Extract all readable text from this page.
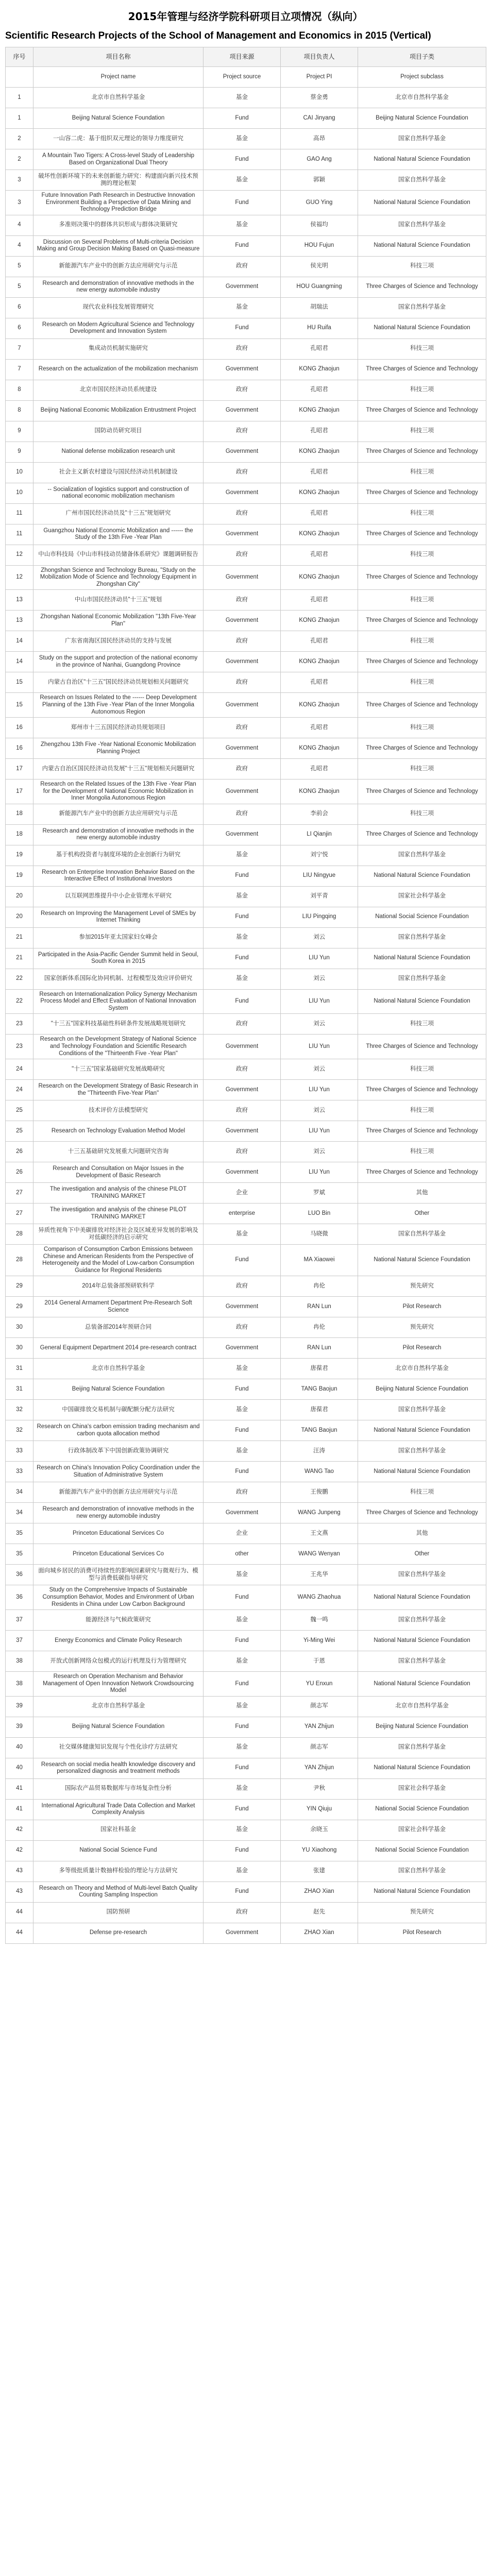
2015年管理与经济学院科研项目立项情况（纵向）
Scientific Research Projects of the School of Management and Economics in 2015 (Vertical)
序号	项目名称	项目来源	项目负责人	项目子类
	Project name	Project source	Project PI	Project subclass
1	北京市自然科学基金	基金	蔡金勇	北京市自然科学基金
1	Beijing Natural Science Foundation	Fund	CAI Jinyang	Beijing Natural Science Foundation
2	一山容二虎：基于组织双元理论的领导力维度研究	基金	高昂	国家自然科学基金
2	A Mountain Two Tigers: A Cross-level Study of Leadership Based on Organizational Dual Theory	Fund	GAO Ang	National Natural Science Foundation
3	破坏性创新环境下的未来创新能力研究：构建面向新兴技术预测的理论框架	基金	郭颖	国家自然科学基金
3	Future Innovation Path Research in Destructive Innovation Environment Building a Perspective of Data Mining and Technology Prediction Bridge	Fund	GUO Ying	National Natural Science Foundation
4	多准则决策中的群体共识形成与群体决策研究	基金	侯福均	国家自然科学基金
4	Discussion on Several Problems of Multi-criteria Decision Making and Group Decision Making Based on Quasi-measure	Fund	HOU Fujun	National Natural Science Foundation
5	新能源汽车产业中的创新方法应用研究与示范	政府	侯光明	科技三项
5	Research and demonstration of innovative methods in the new energy automobile industry	Government	HOU Guangming	Three Charges of Science and Technology
6	现代农业科技发展管理研究	基金	胡瑞法	国家自然科学基金
6	Research on Modern Agricultural Science and Technology Development and Innovation System	Fund	HU Ruifa	National Natural Science Foundation
7	集成动员机制实施研究	政府	孔昭君	科技三项
7	Research on the actualization of the mobilization mechanism	Government	KONG Zhaojun	Three Charges of Science and Technology
8	北京市国民经济动员系统建设	政府	孔昭君	科技三项
8	Beijing National Economic Mobilization Entrustment Project	Government	KONG Zhaojun	Three Charges of Science and Technology
9	国防动员研究项目	政府	孔昭君	科技三项
9	National defense mobilization research unit	Government	KONG Zhaojun	Three Charges of Science and Technology
10	社会主义新农村建设与国民经济动员机制建设	政府	孔昭君	科技三项
10	-- Socialization of logistics support and construction of national economic mobilization mechanism	Government	KONG Zhaojun	Three Charges of Science and Technology
11	广州市国民经济动员及"十三五"规划研究	政府	孔昭君	科技三项
11	Guangzhou National Economic Mobilization and ------ the Study of the 13th Five -Year Plan	Government	KONG Zhaojun	Three Charges of Science and Technology
12	中山市科技局《中山市科技动员储备体系研究》课题调研报告	政府	孔昭君	科技三项
12	Zhongshan Science and Technology Bureau, "Study on the Mobilization Mode of Science and Technology Equipment in Zhongshan City"	Government	KONG Zhaojun	Three Charges of Science and Technology
13	中山市国民经济动员"十三五"规划	政府	孔昭君	科技三项
13	Zhongshan National Economic Mobilization "13th Five-Year Plan"	Government	KONG Zhaojun	Three Charges of Science and Technology
14	广东省南海区国民经济动员的支持与发展	政府	孔昭君	科技三项
14	Study on the support and protection of the national economy in the province of Nanhai, Guangdong Province	Government	KONG Zhaojun	Three Charges of Science and Technology
15	内蒙古自治区"十三五"国民经济动员规划相关问题研究	政府	孔昭君	科技三项
15	Research on Issues Related to the ------ Deep Development Planning of the 13th Five -Year Plan of the Inner Mongolia Autonomous Region	Government	KONG Zhaojun	Three Charges of Science and Technology
16	郑州市十三五国民经济动员规划项目	政府	孔昭君	科技三项
16	Zhengzhou 13th Five -Year National Economic Mobilization Planning Project	Government	KONG Zhaojun	Three Charges of Science and Technology
17	内蒙古自治区国民经济动员发展"十三五"规划相关问题研究	政府	孔昭君	科技三项
17	Research on the Related Issues of the 13th Five -Year Plan for the Development of National Economic Mobilization in Inner Mongolia Autonomous Region	Government	KONG Zhaojun	Three Charges of Science and Technology
18	新能源汽车产业中的创新方法应用研究与示范	政府	李前会	科技三项
18	Research and demonstration of innovative methods in the new energy automobile industry	Government	LI Qianjin	Three Charges of Science and Technology
19	基于机构投资者与制度环境的企业创新行为研究	基金	刘宁悦	国家自然科学基金
19	Research on Enterprise Innovation Behavior Based on the Interactive Effect of Institutional Investors	Fund	LIU Ningyue	National Natural Science Foundation
20	以互联网思维提升中小企业管理水平研究	基金	刘平青	国家社会科学基金
20	Research on Improving the Management Level of SMEs by Internet Thinking	Fund	LIU Pingqing	National Social Science Foundation
21	参加2015年亚太国家妇女峰会	基金	刘云	国家自然科学基金
21	Participated in the Asia-Pacific Gender Summit held in Seoul, South Korea in 2015	Fund	LIU Yun	National Natural Science Foundation
22	国家创新体系国际化协同机制、过程模型及效应评价研究	基金	刘云	国家自然科学基金
22	Research on Internationalization Policy Synergy Mechanism Process Model and Effect Evaluation of National Innovation System	Fund	LIU Yun	National Natural Science Foundation
23	"十三五"国家科技基础性科研条件发展战略规划研究	政府	刘云	科技三项
23	Research on the Development Strategy of National Science and Technology Foundation and Scientific Research Conditions of the "Thirteenth Five -Year Plan"	Government	LIU Yun	Three Charges of Science and Technology
24	"十三五"国家基础研究发展战略研究	政府	刘云	科技三项
24	Research on the Development Strategy of Basic Research in the "Thirteenth Five-Year Plan"	Government	LIU Yun	Three Charges of Science and Technology
25	技术评价方法模型研究	政府	刘云	科技三项
25	Research on Technology Evaluation Method Model	Government	LIU Yun	Three Charges of Science and Technology
26	十三五基础研究发展重大问题研究咨询	政府	刘云	科技三项
26	Research and Consultation on Major Issues in the Development of Basic Research	Government	LIU Yun	Three Charges of Science and Technology
27	The investigation and analysis of the chinese PILOT TRAINING MARKET	企业	罗斌	其他
27	The investigation and analysis of the chinese PILOT TRAINING MARKET	enterprise	LUO Bin	Other
28	异质性视角下中美碳排放对经济社会及区域差异发展的影响及对低碳经济的启示研究	基金	马晓微	国家自然科学基金
28	Comparison of Consumption Carbon Emissions between Chinese and American Residents from the Perspective of Heterogeneity and the Model of Low-carbon Consumption Guidance for Regional Residents	Fund	MA Xiaowei	National Natural Science Foundation
29	2014年总装备部预研软科学	政府	冉伦	预先研究
29	2014 General Armament Department Pre-Research Soft Science	Government	RAN Lun	Pilot Research
30	总装备部2014年预研合同	政府	冉伦	预先研究
30	General Equipment Department 2014 pre-research contract	Government	RAN Lun	Pilot Research
31	北京市自然科学基金	基金	唐葆君	北京市自然科学基金
31	Beijing Natural Science Foundation	Fund	TANG Baojun	Beijing Natural Science Foundation
32	中国碳排放交易机制与碳配额分配方法研究	基金	唐葆君	国家自然科学基金
32	Research on China's carbon emission trading mechanism and carbon quota allocation method	Fund	TANG Baojun	National Natural Science Foundation
33	行政体制改革下中国创新政策协调研究	基金	汪涛	国家自然科学基金
33	Research on China's Innovation Policy Coordination under the Situation of Administrative System	Fund	WANG Tao	National Natural Science Foundation
34	新能源汽车产业中的创新方法应用研究与示范	政府	王俊鹏	科技三项
34	Research and demonstration of innovative methods in the new energy automobile industry	Government	WANG Junpeng	Three Charges of Science and Technology
35	Princeton Educational Services Co	企业	王文燕	其他
35	Princeton Educational Services Co	other	WANG Wenyan	Other
36	面向城乡居民的消费可持续性的影响因素研究与微观行为、模型与消费低碳指导研究	基金	王兆华	国家自然科学基金
36	Study on the Comprehensive Impacts of Sustainable Consumption Behavior, Modes and Environment of Urban Residents in China under Low Carbon Background	Fund	WANG Zhaohua	National Natural Science Foundation
37	能源经济与气候政策研究	基金	魏一鸣	国家自然科学基金
37	Energy Economics and Climate Policy Research	Fund	Yi-Ming Wei	National Natural Science Foundation
38	开放式创新网络众包模式的运行机理及行为管理研究	基金	于恩	国家自然科学基金
38	Research on Operation Mechanism and Behavior Management of Open Innovation Network Crowdsourcing Model	Fund	YU Enxun	National Natural Science Foundation
39	北京市自然科学基金	基金	颜志军	北京市自然科学基金
39	Beijing Natural Science Foundation	Fund	YAN Zhijun	Beijing Natural Science Foundation
40	社交媒体健康知识发现与个性化诊疗方法研究	基金	颜志军	国家自然科学基金
40	Research on social media health knowledge discovery and personalized diagnosis and treatment methods	Fund	YAN Zhijun	National Natural Science Foundation
41	国际农产品贸易数据库与市场复杂性分析	基金	尹秋	国家社会科学基金
41	International Agricultural Trade Data Collection and Market Complexity Analysis	Fund	YIN Qiuju	National Social Science Foundation
42	国家社科基金	基金	余晓玉	国家社会科学基金
42	National Social Science Fund	Fund	YU Xiaohong	National Social Science Foundation
43	多等级批质量计数抽样检验的理论与方法研究	基金	张建	国家自然科学基金
43	Research on Theory and Method of Multi-level Batch Quality Counting Sampling Inspection	Fund	ZHAO Xian	National Natural Science Foundation
44	国防预研	政府	赵先	预先研究
44	Defense pre-research	Government	ZHAO Xian	Pilot Research
